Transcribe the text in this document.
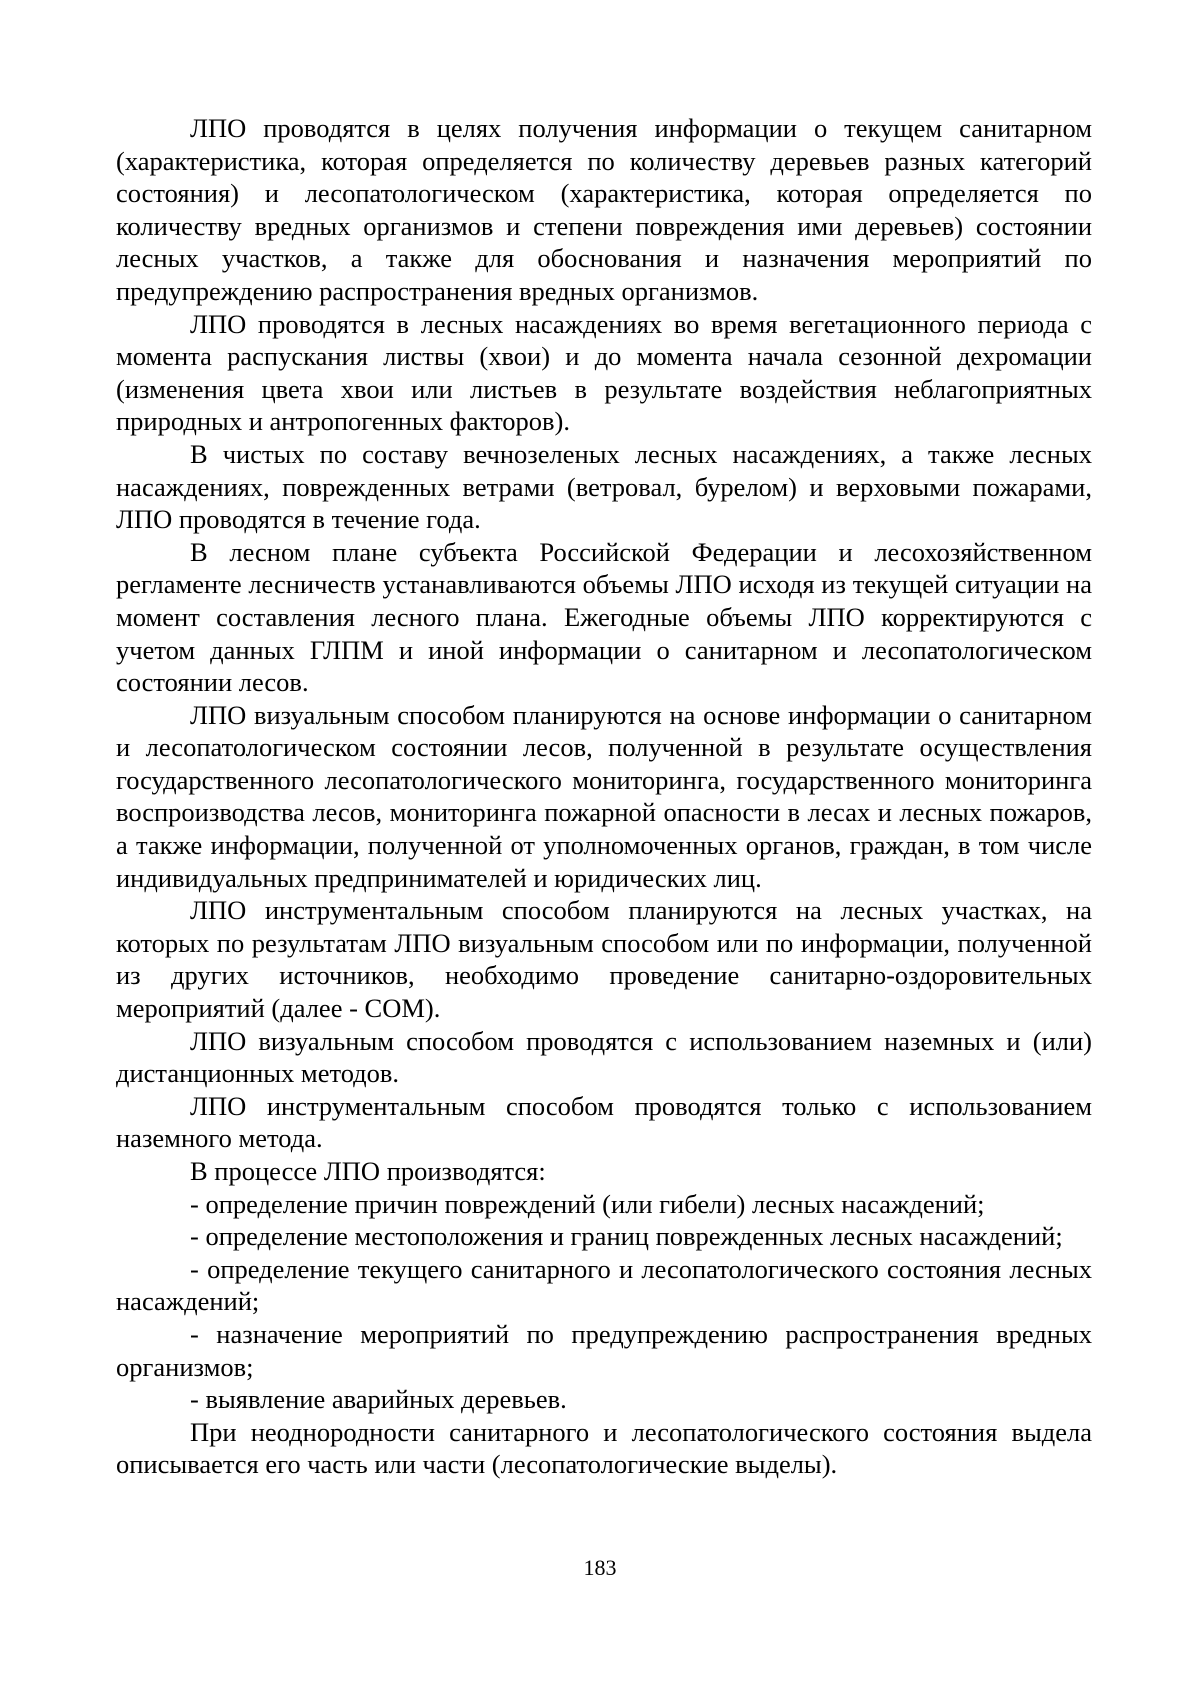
ЛПО проводятся в целях получения информации о текущем санитарном (характеристика, которая определяется по количеству деревьев разных категорий состояния) и лесопатологическом (характеристика, которая определяется по количеству вредных организмов и степени повреждения ими деревьев) состоянии лесных участков, а также для обоснования и назначения мероприятий по предупреждению распространения вредных организмов.

ЛПО проводятся в лесных насаждениях во время вегетационного периода с момента распускания листвы (хвои) и до момента начала сезонной дехромации (изменения цвета хвои или листьев в результате воздействия неблагоприятных природных и антропогенных факторов).

В чистых по составу вечнозеленых лесных насаждениях, а также лесных насаждениях, поврежденных ветрами (ветровал, бурелом) и верховыми пожарами, ЛПО проводятся в течение года.

В лесном плане субъекта Российской Федерации и лесохозяйственном регламенте лесничеств устанавливаются объемы ЛПО исходя из текущей ситуации на момент составления лесного плана. Ежегодные объемы ЛПО корректируются с учетом данных ГЛПМ и иной информации о санитарном и лесопатологическом состоянии лесов.

ЛПО визуальным способом планируются на основе информации о санитарном и лесопатологическом состоянии лесов, полученной в результате осуществления государственного лесопатологического мониторинга, государственного мониторинга воспроизводства лесов, мониторинга пожарной опасности в лесах и лесных пожаров, а также информации, полученной от уполномоченных органов, граждан, в том числе индивидуальных предпринимателей и юридических лиц.

ЛПО инструментальным способом планируются на лесных участках, на которых по результатам ЛПО визуальным способом или по информации, полученной из других источников, необходимо проведение санитарно-оздоровительных мероприятий (далее - СОМ).

ЛПО визуальным способом проводятся с использованием наземных и (или) дистанционных методов.

ЛПО инструментальным способом проводятся только с использованием наземного метода.

В процессе ЛПО производятся:

- определение причин повреждений (или гибели) лесных насаждений;

- определение местоположения и границ поврежденных лесных насаждений;

- определение текущего санитарного и лесопатологического состояния лесных насаждений;

- назначение мероприятий по предупреждению распространения вредных организмов;

- выявление аварийных деревьев.

При неоднородности санитарного и лесопатологического состояния выдела описывается его часть или части (лесопатологические выделы).

183
